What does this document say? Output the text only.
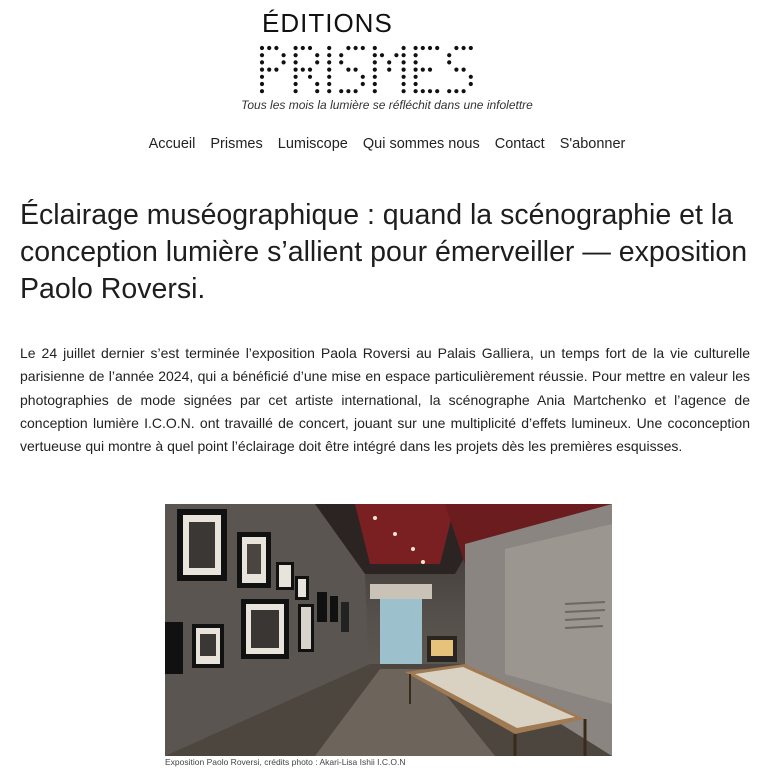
ÉDITIONS
Tous les mois la lumière se réfléchit dans une infolettre
Accueil Prismes Lumiscope Qui sommes nous Contact S'abonner
Éclairage muséographique : quand la scénographie et la conception lumière s’allient pour émerveiller — exposition Paolo Roversi.

Le 24 juillet dernier s’est terminée l’exposition Paola Roversi au Palais Galliera, un temps fort de la vie culturelle parisienne de l’année 2024, qui a bénéficié d’une mise en espace particulièrement réussie. Pour mettre en valeur les photographies de mode signées par cet artiste international, la scénographe Ania Martchenko et l’agence de conception lumière I.C.O.N. ont travaillé de concert, jouant sur une multiplicité d’effets lumineux. Une coconception vertueuse qui montre à quel point l’éclairage doit être intégré dans les projets dès les premières esquisses.

Exposition Paolo Roversi, crédits photo : Akari-Lisa Ishii I.C.O.N
